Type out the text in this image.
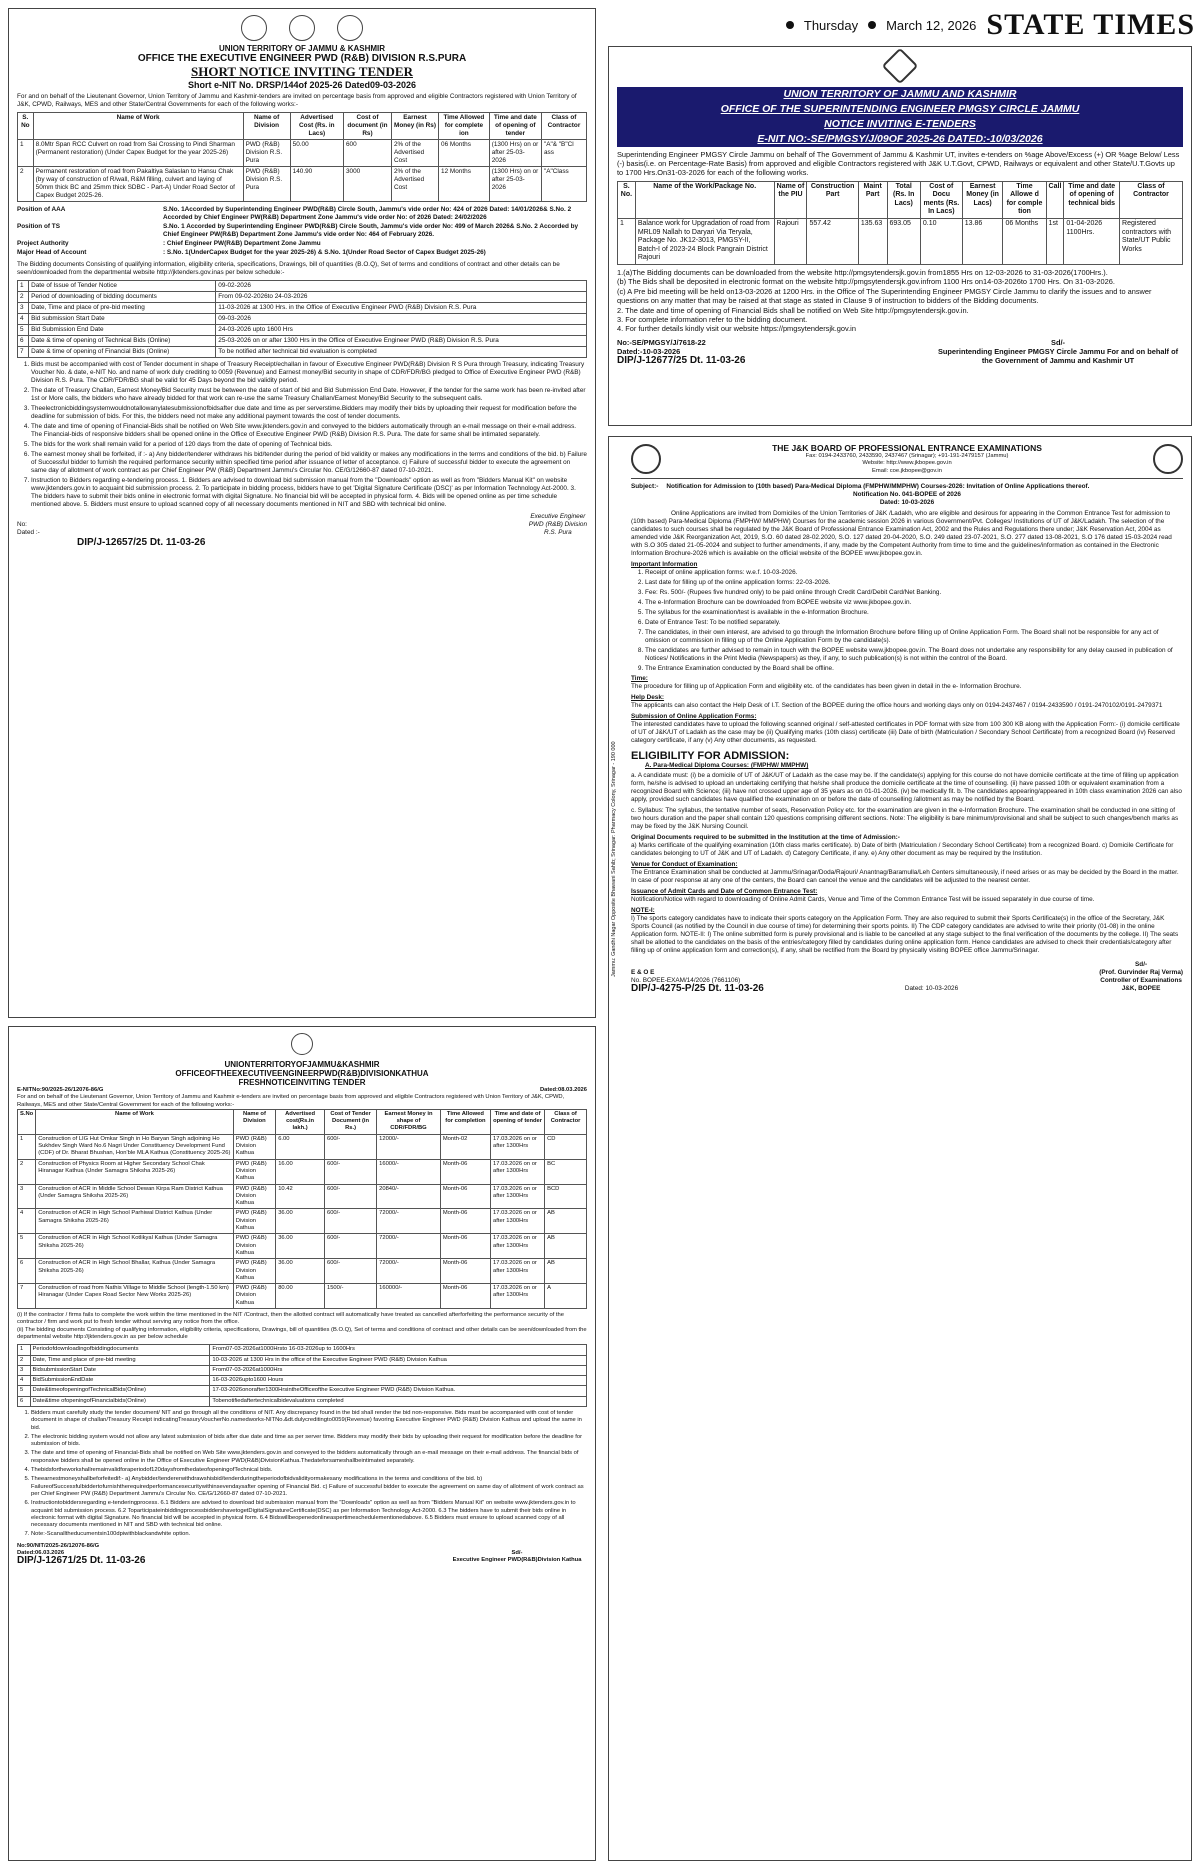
Thursday March 12, 2026 STATE TIMES
UNION TERRITORY OF JAMMU & KASHMIR
OFFICE THE EXECUTIVE ENGINEER PWD (R&B) DIVISION R.S.PURA
SHORT NOTICE INVITING TENDER
Short e-NIT No. DRSP/144of 2025-26 Dated09-03-2026

For and on behalf of the Lieutenant Governor, Union Territory of Jammu and Kashmir-tenders are invited on percentage basis from approved and eligible Contractors registered with Union Territory of J&K, CPWD, Railways, MES and other State/Central Governments for each of the following works:-

S. No	Name of Work	Name of Division	Advertised Cost (Rs. in Lacs)	Cost of document (in Rs)	Earnest Money (in Rs)	Time Allowed for complete ion	Time and date of opening of tender	Class of Contractor
1	8.0Mtr Span RCC Culvert on road from Sai Crossing to Pindi Sharman (Permanent restoration) (Under Capex Budget for the year 2025-26)	PWD (R&B) Division R.S. Pura	50.00	600	2% of the Advertised Cost	06 Months	(1300 Hrs) on or after 25-03-2026	"A"& "B"Cl ass
2	Permanent restoration of road from Pakaltiya Salaslan to Hansu Chak (by way of construction of R/wall, R&M filling, culvert and laying of 50mm thick BC and 25mm thick SDBC - Part-A) Under Road Sector of Capex Budget 2025-26.	PWD (R&B) Division R.S. Pura	140.90	3000	2% of the Advertised Cost	12 Months	(1300 Hrs) on or after 25-03-2026	"A"Class
Position of AAA	S.No. 1Accorded by Superintending Engineer PWD(R&B) Circle South, Jammu's vide order No: 424 of 2026 Dated: 14/01/2026& S.No. 2 Accorded by Chief Engineer PW(R&B) Department Zone Jammu's vide order No: of 2026 Dated: 24/02/2026
Position of TS	S.No. 1 Accorded by Superintending Engineer PWD(R&B) Circle South, Jammu's vide order No: 499 of March 2026& S.No. 2 Accorded by Chief Engineer PW(R&B) Department Zone Jammu's vide order No: 464 of February 2026.
Project Authority	: Chief Engineer PW(R&B) Department Zone Jammu
Major Head of Account	: S.No. 1(UnderCapex Budget for the year 2025-26) & S.No. 1(Under Road Sector of Capex Budget 2025-26)

The Bidding documents Consisting of qualifying information, eligibility criteria, specifications, Drawings, bill of quantities (B.O.Q), Set of terms and conditions of contract and other details can be seen/downloaded from the departmental website http://jktenders.gov.inas per below schedule:-

1	Date of Issue of Tender Notice	09-02-2026
2	Period of downloading of bidding documents	From 09-02-2026to 24-03-2026
3	Date, Time and place of pre-bid meeting	11-03-2026 at 1300 Hrs. in the Office of Executive Engineer PWD (R&B) Division R.S. Pura
4	Bid submission Start Date	09-03-2026
5	Bid Submission End Date	24-03-2026 upto 1600 Hrs
6	Date & time of opening of Technical Bids (Online)	25-03-2026 on or after 1300 Hrs in the Office of Executive Engineer PWD (R&B) Division R.S. Pura
7	Date & time of opening of Financial Bids (Online)	To be notified after technical bid evaluation is completed
1. Bids must be accompanied with cost of Tender document in shape of Treasury Receipt/echallan in favour of Executive Engineer PWD(R&B) Division R S Pura through Treasury, indicating Treasury Voucher No. & date, e-NIT No. and name of work duly crediting to 0059 (Revenue) and Earnest money/Bid security in shape of CDR/FDR/BG pledged to Office of Executive Engineer PWD (R&B) Division R.S. Pura. The CDR/FDR/BG shall be valid for 45 Days beyond the bid validity period.
2. The date of Treasury Challan, Earnest Money/Bid Security must be between the date of start of bid and Bid Submission End Date. However, if the tender for the same work has been re-invited after 1st or More calls, the bidders who have already bidded for that work can re-use the same Treasury Challan/Earnest Money/Bid Security to the subsequent calls.
3. Theelectronicbiddingsystemwouldnotallowanylatesubmissionofbidsafter due date and time as per serverstime.Bidders may modify their bids by uploading their request for modification before the deadline for submission of bids. For this, the bidders need not make any additional payment towards the cost of tender documents.
4. The date and time of opening of Financial-Bids shall be notified on Web Site www.jktenders.gov.in and conveyed to the bidders automatically through an e-mail message on their e-mail address. The Financial-bids of responsive bidders shall be opened online in the Office of Executive Engineer PWD (R&B) Division R.S. Pura. The date for same shall be intimated separately.
5. The bids for the work shall remain valid for a period of 120 days from the date of opening of Technical bids.
6. The earnest money shall be forfeited, if :- a) Any bidder/tenderer withdraws his bid/tender during the period of bid validity or makes any modifications in the terms and conditions of the bid. b) Failure of Successful bidder to furnish the required performance security within specified time period after issuance of letter of acceptance. c) Failure of successful bidder to execute the agreement on same day of allotment of work contract as per Chief Engineer PW (R&B) Department Jammu's Circular No. CE/G/12660-87 dated 07-10-2021.
7. Instruction to Bidders regarding e-tendering process. 1. Bidders are advised to download bid submission manual from the "Downloads" option as well as from "Bidders Manual Kit" on website www.jktenders.gov.in to acquaint bid submission process. 2. To participate in bidding process, bidders have to get 'Digital Signature Certificate (DSC)' as per Information Technology Act-2000. 3. The bidders have to submit their bids online in electronic format with digital Signature. No financial bid will be accepted in physical form. 4. Bids will be opened online as per time schedule mentioned above. 5. Bidders must ensure to upload scanned copy of all necessary documents mentioned in NIT and SBD with technical bid online.
No:
Dated :-
Executive Engineer
PWD (R&B) Division
R.S. Pura
DIP/J-12657/25 Dt. 11-03-26
UNION TERRITORY OF JAMMU AND KASHMIR
OFFICE OF THE SUPERINTENDING ENGINEER PMGSY CIRCLE JAMMU
NOTICE INVITING E-TENDERS
E-NIT NO:-SE/PMGSY/J/09OF 2025-26 DATED:-10/03/2026

Superintending Engineer PMGSY Circle Jammu on behalf of The Government of Jammu & Kashmir UT, invites e-tenders on %age Above/Excess (+) OR %age Below/ Less (-) basis(i.e. on Percentage-Rate Basis) from approved and eligible Contractors registered with J&K U.T.Govt, CPWD, Railways or equivalent and other State/U.T.Govts up to 1700 Hrs.On31-03-2026 for each of the following works.

S. No.	Name of the Work/Package No.	Name of the PIU	Construction Part	Maint Part	Total (Rs. In Lacs)	Cost of Docu ments (Rs. In Lacs)	Earnest Money (in Lacs)	Time Allowe d for comple tion	Call	Time and date of opening of technical bids	Class of Contractor
1	Balance work for Upgradation of road from MRL09 Nallah to Daryari Via Teryala, Package No. JK12-3013, PMGSY-II, Batch-I of 2023-24 Block Pangrain District Rajouri	Rajouri	557.42	135.63	693.05	0.10	13.86	06 Months	1st	01-04-2026 1100Hrs.	Registered contractors with State/UT Public Works
1.(a)The Bidding documents can be downloaded from the website http://pmgsytendersjk.gov.in from1855 Hrs on 12-03-2026 to 31-03-2026(1700Hrs.).
(b) The Bids shall be deposited in electronic format on the website http://pmgsytendersjk.gov.infrom 1100 Hrs on14-03-2026to 1700 Hrs. On 31-03-2026.
(c) A Pre bid meeting will be held on13-03-2026 at 1200 Hrs. in the Office of The Superintending Engineer PMGSY Circle Jammu to clarify the issues and to answer questions on any matter that may be raised at that stage as stated in Clause 9 of instruction to bidders of the Bidding documents.
2. The date and time of opening of Financial Bids shall be notified on Web Site http://pmgsytendersjk.gov.in.
3. For complete information refer to the bidding document.
4. For further details kindly visit our website https://pmgsytendersjk.gov.in
No:-SE/PMGSY/J/7618-22
Dated:-10-03-2026
DIP/J-12677/25 Dt. 11-03-26
Sd/-
Superintending Engineer PMGSY Circle Jammu For and on behalf of the Government of Jammu and Kashmir UT
UNIONTERRITORYOFJAMMU&KASHMIR
OFFICEOFTHEEXECUTIVEENGINEERPWD(R&B)DIVISIONKATHUA
FRESHNOTICEINVITING TENDER
E-NITNo:90/2025-26/12076-86/G	Dated:08.03.2026

For and on behalf of the Lieutenant Governor, Union Territory of Jammu and Kashmir e-tenders are invited on percentage basis from approved and eligible Contractors registered with Union Territory of J&K, CPWD, Railways, MES and other State/Central Government for each of the following works:-

S.No	Name of Work	Name of Division	Advertised cost(Rs.in lakh.)	Cost of Tender Document (in Rs.)	Earnest Money in shape of CDR/FDR/BG	Time Allowed for completion	Time and date of opening of tender	Class of Contractor
1	Construction of LIG Hut Omkar Singh in Ho Baryan Singh adjoining Ho Sukhdev Singh Ward No.6 Nagri Under Constituency Development Fund (CDF) of Dr. Bharat Bhushan, Hon'ble MLA Kathua (Constituency 2025-26)	PWD (R&B) Division Kathua	6.00	600/-	12000/-	Month-02	17.03.2026 on or after 1300Hrs	CD
2	Construction of Physics Room at Higher Secondary School Chak Hiranagar Kathua (Under Samagra Shiksha 2025-26)	PWD (R&B) Division Kathua	16.00	600/-	16000/-	Month-06	17.03.2026 on or after 1300Hrs	BC
3	Construction of ACR in Middle School Dewan Kirpa Ram District Kathua (Under Samagra Shiksha 2025-26)	PWD (R&B) Division Kathua	10.42	600/-	20840/-	Month-06	17.03.2026 on or after 1300Hrs	BCD
4	Construction of ACR in High School Parhiwal District Kathua (Under Samagra Shiksha 2025-26)	PWD (R&B) Division Kathua	36.00	600/-	72000/-	Month-06	17.03.2026 on or after 1300Hrs	AB
5	Construction of ACR in High School Kotlikyal Kathua (Under Samagra Shiksha 2025-26)	PWD (R&B) Division Kathua	36.00	600/-	72000/-	Month-06	17.03.2026 on or after 1300Hrs	AB
6	Construction of ACR in High School Bhallar, Kathua (Under Samagra Shiksha 2025-26)	PWD (R&B) Division Kathua	36.00	600/-	72000/-	Month-06	17.03.2026 on or after 1300Hrs	AB
7	Construction of road from Nathis Village to Middle School (length-1.50 km) Hiranagar (Under Capex Road Sector New Works 2025-26)	PWD (R&B) Division Kathua	80.00	1500/-	160000/-	Month-06	17.03.2026 on or after 1300Hrs	A

(i) If the contractor / firms fails to complete the work within the time mentioned in the NIT /Contract, then the allotted contract will automatically have treated as cancelled afterforfeiting the performance security of the contractor / firm and work put to fresh tender without serving any notice from the office.

(ii) The bidding documents Consisting of qualifying information, eligibility criteria, specifications, Drawings, bill of quantities (B.O.Q), Set of terms and conditions of contract and other details can be seen/downloaded from the departmental website http://jktenders.gov.in as per below schedule

1	Periodofdownloadingofbiddingdocuments	From07-03-2026at1000Hrsto 16-03-2026up to 1600Hrs
2	Date, Time and place of pre-bid meeting	10-03-2026 at 1300 Hrs in the office of the Executive Engineer PWD (R&B) Division Kathua
3	BidsubmissionStart Date	From07-03-2026at1000Hrs
4	BidSubmissionEndDate	16-03-2026upto1600 Hours
5	Date&timeofopeningofTechnicalBids(Online)	17-03-2026onorafter1300HrsintheOfficeofthe Executive Engineer PWD (R&B) Division Kathua.
6	Date&time ofopeningofFinancialbids(Online)	Tobenotifiedaftertechnicalbidevaluations completed
1. Bidders must carefully study the tender document/ NIT and go through all the conditions of NIT. Any discrepancy found in the bid shall render the bid non-responsive. Bids must be accompanied with cost of tender document in shape of challan/Treasury Receipt indicatingTreasuryVoucherNo.namedworks-NITNo.&dt.dulycreditingto0059(Revenue) favoring Executive Engineer PWD (R&B) Division Kathua and upload the same in bid.
2. The electronic bidding system would not allow any latest submission of bids after due date and time as per server time. Bidders may modify their bids by uploading their request for modification before the deadline for submission of bids.
3. The date and time of opening of Financial-Bids shall be notified on Web Site www.jktenders.gov.in and conveyed to the bidders automatically through an e-mail message on their e-mail address. The financial bids of responsive bidders shall be opened online in the Office of Executive Engineer PWD(R&B)DivisionKathua.Thedateforsameshallbeintimated separately.
4. Thebidsfortheworkshallremainvalidforaperiodof120daysfromthedateofopeningofTechnical bids.
5. Theearnestmoneyshallbeforfeitedif:- a) Anybidder/tendererwithdrawshisbid/tenderduringtheperiodofbidvalidityormakesany modifications in the terms and conditions of the bid. b) FailureofSuccessfulbiddertofurnishtherequiredperformancesecuritywithinsevendaysafter opening of Financial Bid. c) Failure of successful bidder to execute the agreement on same day of allotment of work contract as per Chief Engineer PW (R&B) Department Jammu's Circular No. CE/G/12660-87 dated 07-10-2021.
6. Instructiontobiddersregarding e-tenderingprocess. 6.1 Bidders are advised to download bid submission manual from the "Downloads" option as well as from "Bidders Manual Kit" on website www.jktenders.gov.in to acquaint bid submission process. 6.2 ToparticipateinbiddingprocessbiddershavetogetDigitalSignatureCertificate(DSC) as per Information Technology Act-2000. 6.3 The bidders have to submit their bids online in electronic format with digital Signature. No financial bid will be accepted in physical form. 6.4 Bidswillbeopenedonlineaspertimeschedulementionedabove. 6.5 Bidders must ensure to upload scanned copy of all necessary documents mentioned in NIT and SBD with technical bid online.
7. Note:-Scanalltheducumentsin100dpiwithblackandwhite option.
No:90/NIT/2025-26/12076-86/G
Dated:06.03.2026
DIP/J-12671/25 Dt. 11-03-26
Sd/-
Executive Engineer PWD(R&B)Division Kathua
Jammu: Gandhi Nagar Opposite Bhawani Sahib; Srinagar: Pharmacy Colony, Srinagar - 190 000
THE J&K BOARD OF PROFESSIONAL ENTRANCE EXAMINATIONS
Fax: 0194-2433760, 2433590, 2437467 (Srinagar); +91-191-2479157 (Jammu)
Website: http://www.jkbopee.gov.in
Email: coe.jkbopee@gov.in
Subject:- Notification for Admission to (10th based) Para-Medical Diploma (FMPHW/MMPHW) Courses-2026: Invitation of Online Applications thereof.
Notification No. 041-BOPEE of 2026
Dated: 10-03-2026

Online Applications are invited from Domiciles of the Union Territories of J&K /Ladakh, who are eligible and desirous for appearing in the Common Entrance Test for admission to (10th based) Para-Medical Diploma (FMPHW/ MMPHW) Courses for the academic session 2026 in various Government/Pvt. Colleges/ Institutions of UT of J&K/Ladakh. The selection of the candidates to such courses shall be regulated by the J&K Board of Professional Entrance Examination Act, 2002 and the Rules and Regulations there under; J&K Reservation Act, 2004 as amended vide J&K Reorganization Act, 2019, S.O. 60 dated 28-02.2020, S.O. 127 dated 20-04-2020, S.O. 249 dated 23-07-2021, S.O. 277 dated 13-08-2021, S.O 176 dated 15-03-2024 read with S.O 305 dated 21-05-2024 and subject to further amendments, if any, made by the Competent Authority from time to time and the guidelines/information as contained in the Electronic Information Brochure-2026 which is available on the official website of the BOPEE www.jkbopee.gov.in.

Important Information
1. Receipt of online application forms: w.e.f. 10-03-2026.
2. Last date for filling up of the online application forms: 22-03-2026.
3. Fee: Rs. 500/- (Rupees five hundred only) to be paid online through Credit Card/Debit Card/Net Banking.
4. The e-Information Brochure can be downloaded from BOPEE website viz www.jkbopee.gov.in.
5. The syllabus for the examination/test is available in the e-Information Brochure.
6. Date of Entrance Test: To be notified separately.
7. The candidates, in their own interest, are advised to go through the Information Brochure before filling up of Online Application Form. The Board shall not be responsible for any act of omission or commission in filling up of the Online Application Form by the candidate(s).
8. The candidates are further advised to remain in touch with the BOPEE website www.jkbopee.gov.in. The Board does not undertake any responsibility for any delay caused in publication of Notices/ Notifications in the Print Media (Newspapers) as they, if any, to such publication(s) is not within the control of the Board.
9. The Entrance Examination conducted by the Board shall be offline.
Time:

The procedure for filling up of Application Form and eligibility etc. of the candidates has been given in detail in the e- Information Brochure.

Help Desk:

The applicants can also contact the Help Desk of I.T. Section of the BOPEE during the office hours and working days only on 0194-2437467 / 0194-2433590 / 0191-2470102/0191-2479371

Submission of Online Application Forms:

The interested candidates have to upload the following scanned original / self-attested certificates in PDF format with size from 100 300 KB along with the Application Form:- (i) domicile certificate of UT of J&K/UT of Ladakh as the case may be (ii) Qualifying marks (10th class) certificate (iii) Date of birth (Matriculation / Secondary School Certificate) from a recognized Board (iv) Reserved category certificate, if any (v) Any other documents, as requested.

ELIGIBILITY FOR ADMISSION:
A. Para-Medical Diploma Courses: (FMPHW/ MMPHW)

a. A candidate must: (i) be a domicile of UT of J&K/UT of Ladakh as the case may be. If the candidate(s) applying for this course do not have domicile certificate at the time of filling up application form, he/she is advised to upload an undertaking certifying that he/she shall produce the domicile certificate at the time of counselling. (ii) have passed 10th or equivalent examination from a recognized Board with Science; (iii) have not crossed upper age of 35 years as on 01-01-2026. (iv) be medically fit. b. The candidates appearing/appeared in 10th class examination 2026 can also apply, provided such candidates have qualified the examination on or before the date of counselling /allotment as may be notified by the Board.

c. Syllabus: The syllabus, the tentative number of seats, Reservation Policy etc. for the examination are given in the e-Information Brochure. The examination shall be conducted in one sitting of two hours duration and the paper shall contain 120 questions comprising different sections. Note: The eligibility is bare minimum/provisional and shall be subject to such changes/bench marks as may be fixed by the J&K Nursing Council.

Original Documents required to be submitted in the Institution at the time of Admission:-

a) Marks certificate of the qualifying examination (10th class marks certificate). b) Date of birth (Matriculation / Secondary School Certificate) from a recognized Board. c) Domicile Certificate for candidates belonging to UT of J&K and UT of Ladakh. d) Category Certificate, if any. e) Any other document as may be required by the Institution.

Venue for Conduct of Examination:

The Entrance Examination shall be conducted at Jammu/Srinagar/Doda/Rajouri/ Anantnag/Baramulla/Leh Centers simultaneously, if need arises or as may be decided by the Board in the matter. In case of poor response at any one of the centers, the Board can cancel the venue and the candidates will be adjusted to the nearest center.

Issuance of Admit Cards and Date of Common Entrance Test:

Notification/Notice with regard to downloading of Online Admit Cards, Venue and Time of the Common Entrance Test will be issued separately in due course of time.

NOTE-I:

I) The sports category candidates have to indicate their sports category on the Application Form. They are also required to submit their Sports Certificate(s) in the office of the Secretary, J&K Sports Council (as notified by the Council in due course of time) for determining their sports points. II) The CDP category candidates are advised to write their priority (01-08) in the online Application form. NOTE-II: I) The online submitted form is purely provisional and is liable to be cancelled at any stage subject to the final verification of the documents by the college. II) The seats shall be allotted to the candidates on the basis of the entries/category filled by candidates during online application form. Hence candidates are advised to check their credentials/category after filling up of online application form and correction(s), if any, shall be rectified from the Board by physically visiting BOPEE office Jammu/Srinagar.

E & O E
No. BOPEE-EXAM/14/2026 (7661106)
DIP/J-4275-P/25 Dt. 11-03-26	Dated: 10-03-2026
Sd/-
(Prof. Gurvinder Raj Verma)
Controller of Examinations
J&K, BOPEE
